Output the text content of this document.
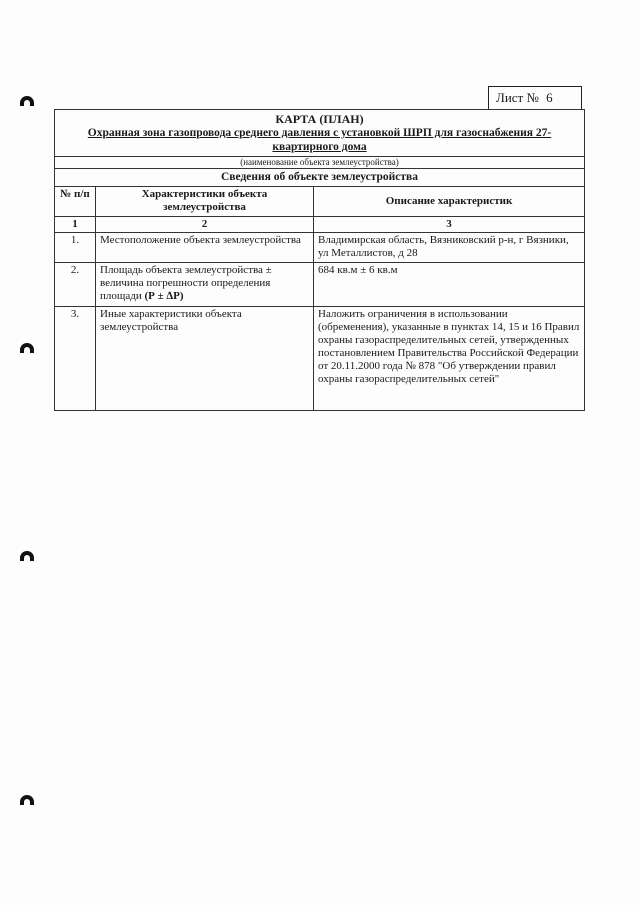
Лист № 6
КАРТА (ПЛАН)
Охранная зона газопровода среднего давления с установкой ШРП для газоснабжения 27-квартирного дома		

(наименование объекта землеустройства)		
Сведения об объекте землеустройства		
№ п/п	Характеристики объекта землеустройства	Описание характеристик
1	2	3
1.	Местоположение объекта землеустройства	Владимирская область, Вязниковский р-н, г Вязники, ул Металлистов, д 28
2.	Площадь объекта землеустройства ± величина погрешности определения площади (Р ± ∆Р)	684 кв.м ± 6 кв.м
3.	Иные характеристики объекта землеустройства	Наложить ограничения в использовании (обременения), указанные в пунктах 14, 15 и 16 Правил охраны газораспределительных сетей, утвержденных постановлением Правительства Российской Федерации от 20.11.2000 года № 878 "Об утверждении правил охраны газораспределительных сетей"
